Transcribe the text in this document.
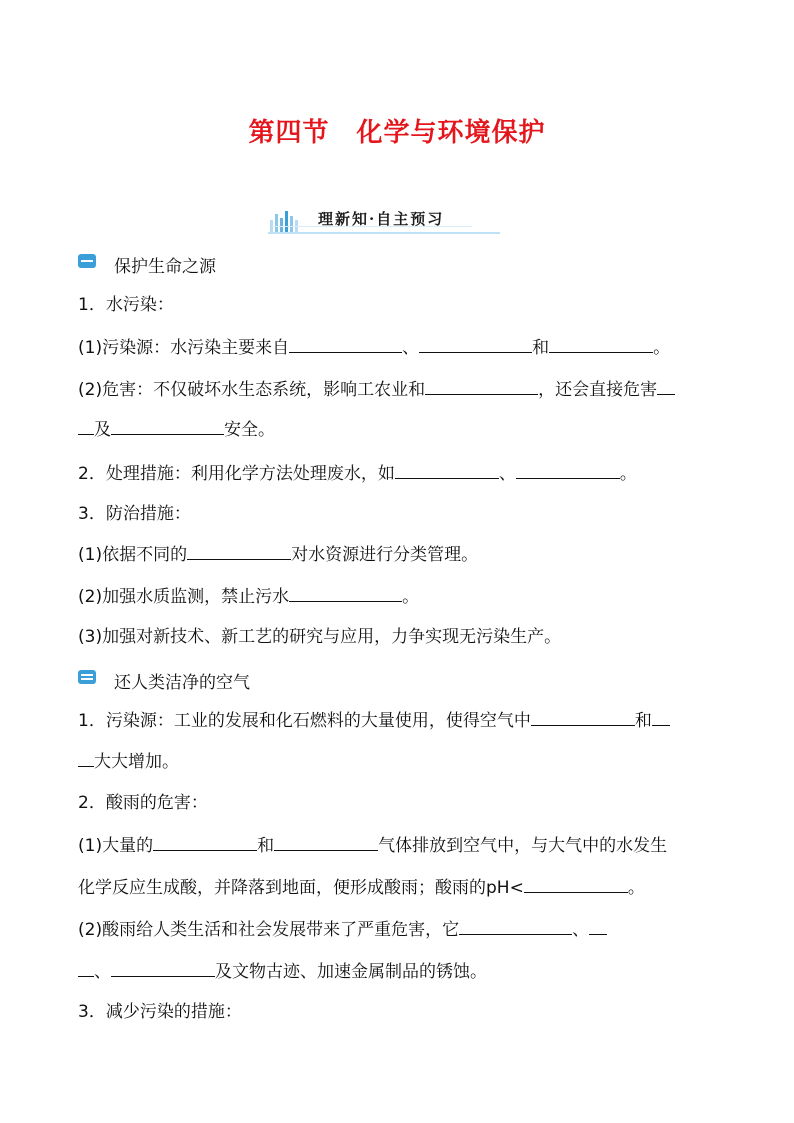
第四节　化学与环境保护
理新知·自主预习
保护生命之源
1．水污染：
(1)污染源：水污染主要来自	、	和	。
(2)危害：不仅破坏水生态系统，影响工农业和	，还会直接危害
及	安全。
2．处理措施：利用化学方法处理废水，如	、	。
3．防治措施：
(1)依据不同的	对水资源进行分类管理。
(2)加强水质监测，禁止污水	。
(3)加强对新技术、新工艺的研究与应用，力争实现无污染生产。
还人类洁净的空气
1．污染源：工业的发展和化石燃料的大量使用，使得空气中	和
大大增加。
2．酸雨的危害：
(1)大量的	和	气体排放到空气中，与大气中的水发生
化学反应生成酸，并降落到地面，便形成酸雨；酸雨的pH<	。
(2)酸雨给人类生活和社会发展带来了严重危害，它	、
、	及文物古迹、加速金属制品的锈蚀。
3．减少污染的措施：
